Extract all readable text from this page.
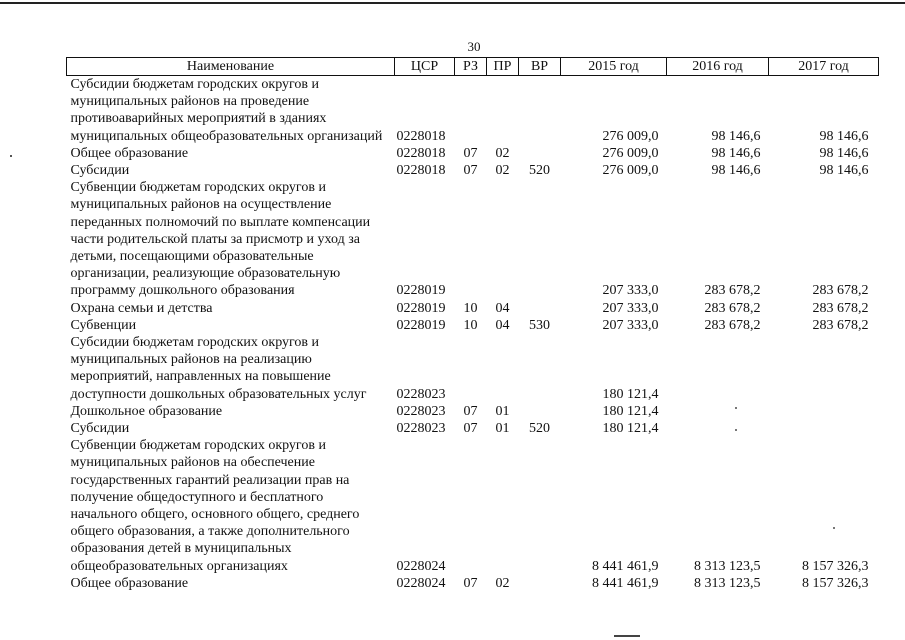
30
Наименование	ЦСР	РЗ	ПР	ВР	2015 год	2016 год	2017 год
Субсидии бюджетам городских округов и муниципальных районов на проведение противоаварийных мероприятий в зданиях муниципальных общеобразовательных организаций	0228018				276 009,0	98 146,6	98 146,6
Общее образование	0228018	07	02		276 009,0	98 146,6	98 146,6
Субсидии	0228018	07	02	520	276 009,0	98 146,6	98 146,6
Субвенции бюджетам городских округов и муниципальных районов на осуществление переданных полномочий по выплате компенсации части родительской платы за присмотр и уход за детьми, посещающими образовательные организации, реализующие образовательную программу дошкольного образования	0228019				207 333,0	283 678,2	283 678,2
Охрана семьи и детства	0228019	10	04		207 333,0	283 678,2	283 678,2
Субвенции	0228019	10	04	530	207 333,0	283 678,2	283 678,2
Субсидии бюджетам городских округов и муниципальных районов на реализацию мероприятий, направленных на повышение доступности дошкольных образовательных услуг	0228023				180 121,4		
Дошкольное образование	0228023	07	01		180 121,4		
Субсидии	0228023	07	01	520	180 121,4		
Субвенции бюджетам городских округов и муниципальных районов на обеспечение государственных гарантий реализации прав на получение общедоступного и бесплатного начального общего, основного общего, среднего общего образования, а также дополнительного образования детей в муниципальных общеобразовательных организациях	0228024				8 441 461,9	8 313 123,5	8 157 326,3
Общее образование	0228024	07	02		8 441 461,9	8 313 123,5	8 157 326,3
